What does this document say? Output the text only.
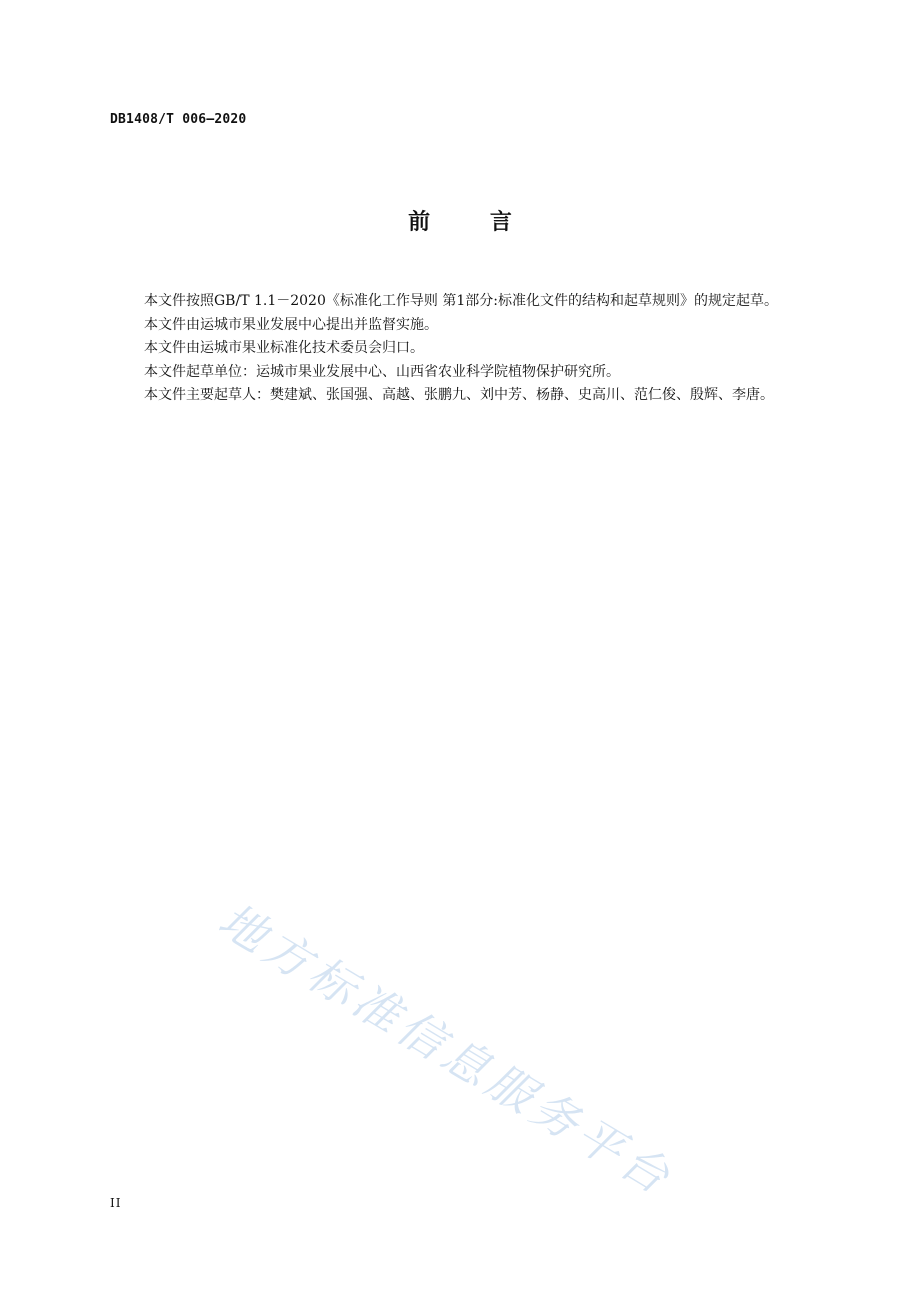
DB1408/T 006—2020
前 言

本文件按照GB/T 1.1－2020《标准化工作导则 第1部分:标准化文件的结构和起草规则》的规定起草。

本文件由运城市果业发展中心提出并监督实施。

本文件由运城市果业标准化技术委员会归口。

本文件起草单位：运城市果业发展中心、山西省农业科学院植物保护研究所。

本文件主要起草人：樊建斌、张国强、高越、张鹏九、刘中芳、杨静、史高川、范仁俊、殷辉、李唐。

地方标准信息服务平台
II
